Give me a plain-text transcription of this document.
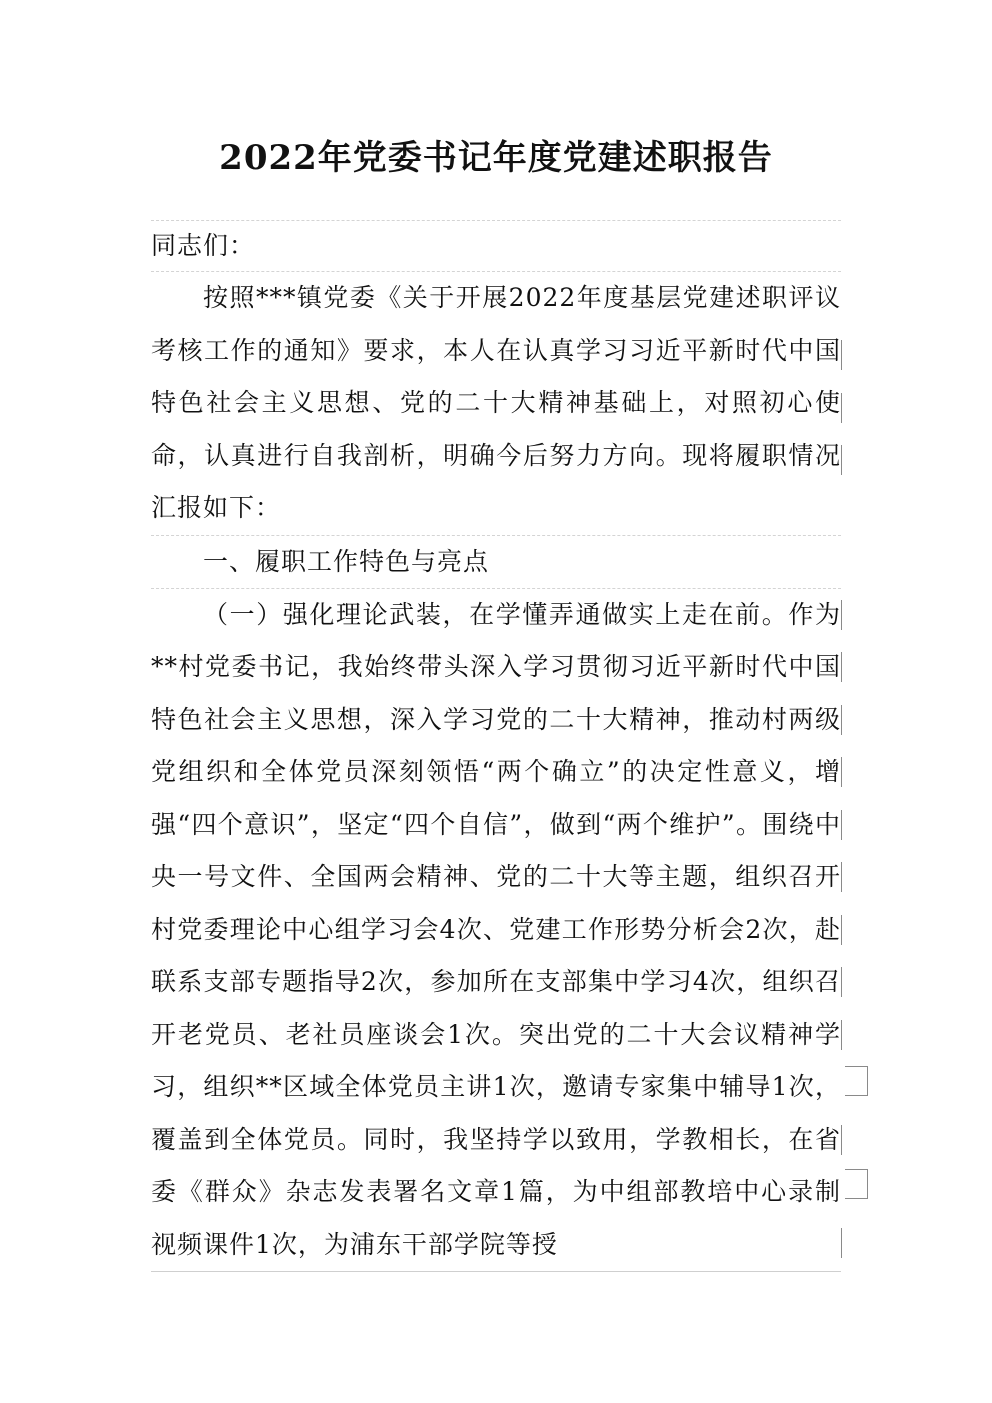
2022年党委书记年度党建述职报告
同志们：
按照***镇党委《关于开展2022年度基层党建述职评议考核工作的通知》要求，本人在认真学习习近平新时代中国特色社会主义思想、党的二十大精神基础上，对照初心使命，认真进行自我剖析，明确今后努力方向。现将履职情况汇报如下：
一、履职工作特色与亮点
（一）强化理论武装，在学懂弄通做实上走在前。作为**村党委书记，我始终带头深入学习贯彻习近平新时代中国特色社会主义思想，深入学习党的二十大精神，推动村两级党组织和全体党员深刻领悟“两个确立”的决定性意义，增强“四个意识”，坚定“四个自信”，做到“两个维护”。围绕中央一号文件、全国两会精神、党的二十大等主题，组织召开村党委理论中心组学习会4次、党建工作形势分析会2次，赴联系支部专题指导2次，参加所在支部集中学习4次，组织召开老党员、老社员座谈会1次。突出党的二十大会议精神学习，组织**区域全体党员主讲1次，邀请专家集中辅导1次，覆盖到全体党员。同时，我坚持学以致用，学教相长，在省委《群众》杂志发表署名文章1篇，为中组部教培中心录制视频课件1次，为浦东干部学院等授
